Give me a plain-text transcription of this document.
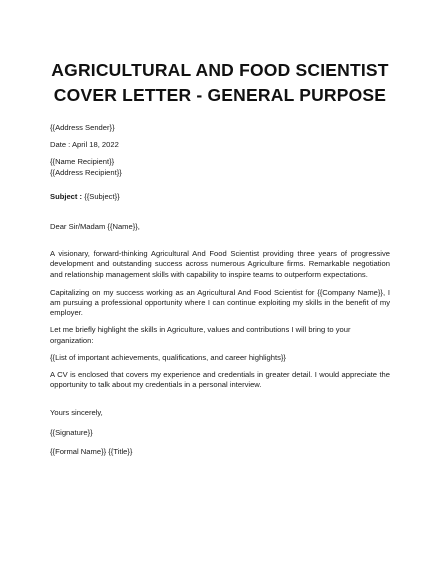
AGRICULTURAL AND FOOD SCIENTIST
COVER LETTER - GENERAL PURPOSE

{{Address Sender}}

Date : April 18, 2022

{{Name Recipient}}

{{Address Recipient}}

Subject : {{Subject}}

Dear Sir/Madam {{Name}},

A visionary, forward-thinking Agricultural And Food Scientist providing three years of progressive development and outstanding success across numerous Agriculture firms. Remarkable negotiation and relationship management skills with capability to inspire teams to outperform expectations.

Capitalizing on my success working as an Agricultural And Food Scientist for {{Company Name}}, I am pursuing a professional opportunity where I can continue exploiting my skills in the benefit of my employer.

Let me briefly highlight the skills in Agriculture, values and contributions I will bring to your organization:

{{List of important achievements, qualifications, and career highlights}}

A CV is enclosed that covers my experience and credentials in greater detail. I would appreciate the opportunity to talk about my credentials in a personal interview.

Yours sincerely,

{{Signature}}

{{Formal Name}} {{Title}}
